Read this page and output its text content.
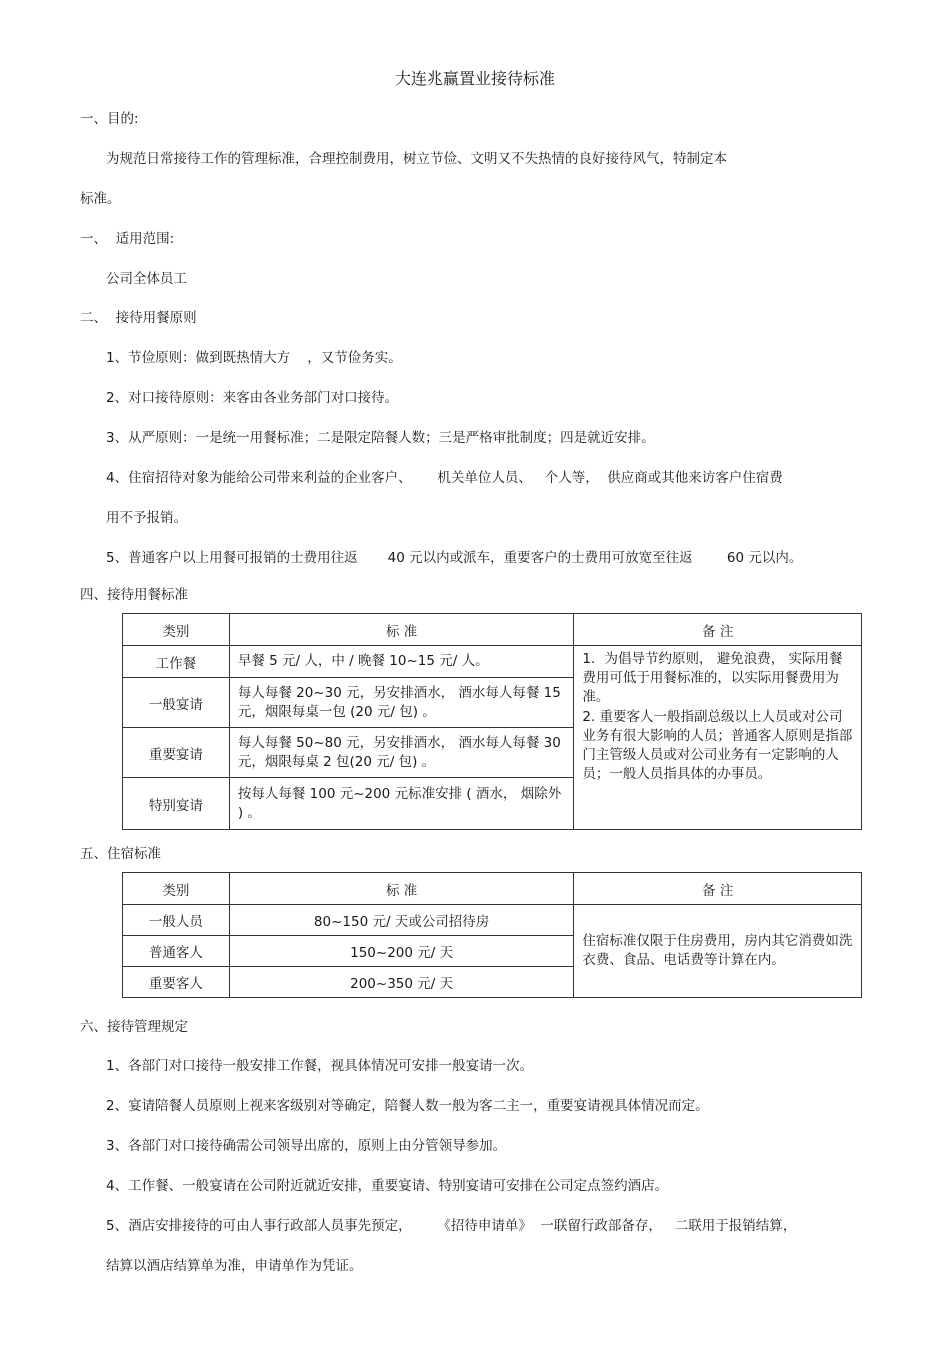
大连兆赢置业接待标准
一、目的:
为规范日常接待工作的管理标准，合理控制费用，树立节俭、文明又不失热情的良好接待风气，特制定本
标准。
一、  适用范围:
公司全体员工
二、  接待用餐原则
1、节俭原则：做到既热情大方    ，又节俭务实。
2、对口接待原则：来客由各业务部门对口接待。
3、从严原则：一是统一用餐标准；二是限定陪餐人数；三是严格审批制度；四是就近安排。
4、住宿招待对象为能给公司带来利益的企业客户、      机关单位人员、   个人等，  供应商或其他来访客户住宿费
用不予报销。
5、普通客户以上用餐可报销的士费用往返       40 元以内或派车，重要客户的士费用可放宽至往返        60 元以内。
四、接待用餐标准
类别	标 准	备 注
工作餐	早餐 5 元/ 人，中 / 晚餐 10~15 元/ 人。	1．为倡导节约原则， 避免浪费， 实际用餐费用可低于用餐标准的，以实际用餐费用为准。
2. 重要客人一般指副总级以上人员或对公司业务有很大影响的人员；普通客人原则是指部门主管级人员或对公司业务有一定影响的人员；一般人员指具体的办事员。

一般宴请	每人每餐 20~30 元，另安排酒水， 酒水每人每餐 15 元，烟限每桌一包 (20 元/ 包) 。	
重要宴请	每人每餐 50~80 元，另安排酒水， 酒水每人每餐 30 元，烟限每桌 2 包(20 元/ 包) 。	
特别宴请	按每人每餐 100 元~200 元标准安排 ( 酒水， 烟除外 ) 。	
五、住宿标准
类别	标 准	备 注
一般人员	80~150 元/ 天或公司招待房	住宿标准仅限于住房费用，房内其它消费如洗衣费、食品、电话费等计算在内。
普通客人	150~200 元/ 天	
重要客人	200~350 元/ 天	
六、接待管理规定
1、各部门对口接待一般安排工作餐，视具体情况可安排一般宴请一次。
2、宴请陪餐人员原则上视来客级别对等确定，陪餐人数一般为客二主一，重要宴请视具体情况而定。
3、各部门对口接待确需公司领导出席的，原则上由分管领导参加。
4、工作餐、一般宴请在公司附近就近安排，重要宴请、特别宴请可安排在公司定点签约酒店。
5、酒店安排接待的可由人事行政部人员事先预定，      《招待申请单》  一联留行政部备存，   二联用于报销结算，
结算以酒店结算单为准，申请单作为凭证。
